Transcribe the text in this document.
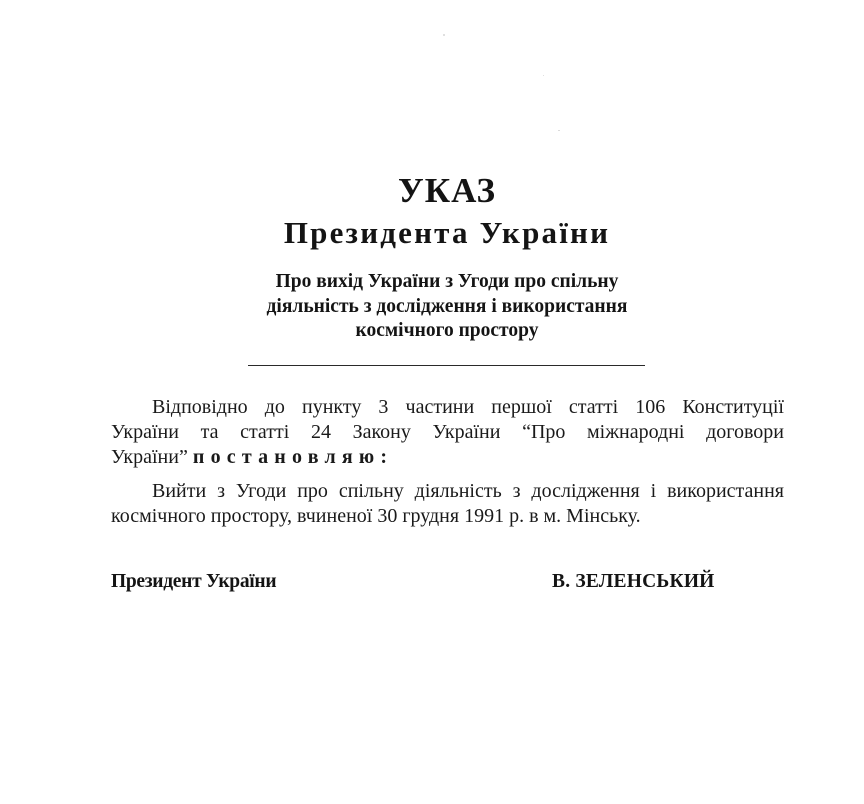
УКАЗ
Президента України
Про вихід України з Угоди про спільну
діяльність з дослідження і використання
космічного простору

Відповідно до пункту 3 частини першої статті 106 Конституції
України та статті 24 Закону України “Про міжнародні договори
України” постановляю:

Вийти з Угоди про спільну діяльність з дослідження і використання
космічного простору, вчиненої 30 грудня 1991 р. в м. Мінську.

Президент України	В. ЗЕЛЕНСЬКИЙ
